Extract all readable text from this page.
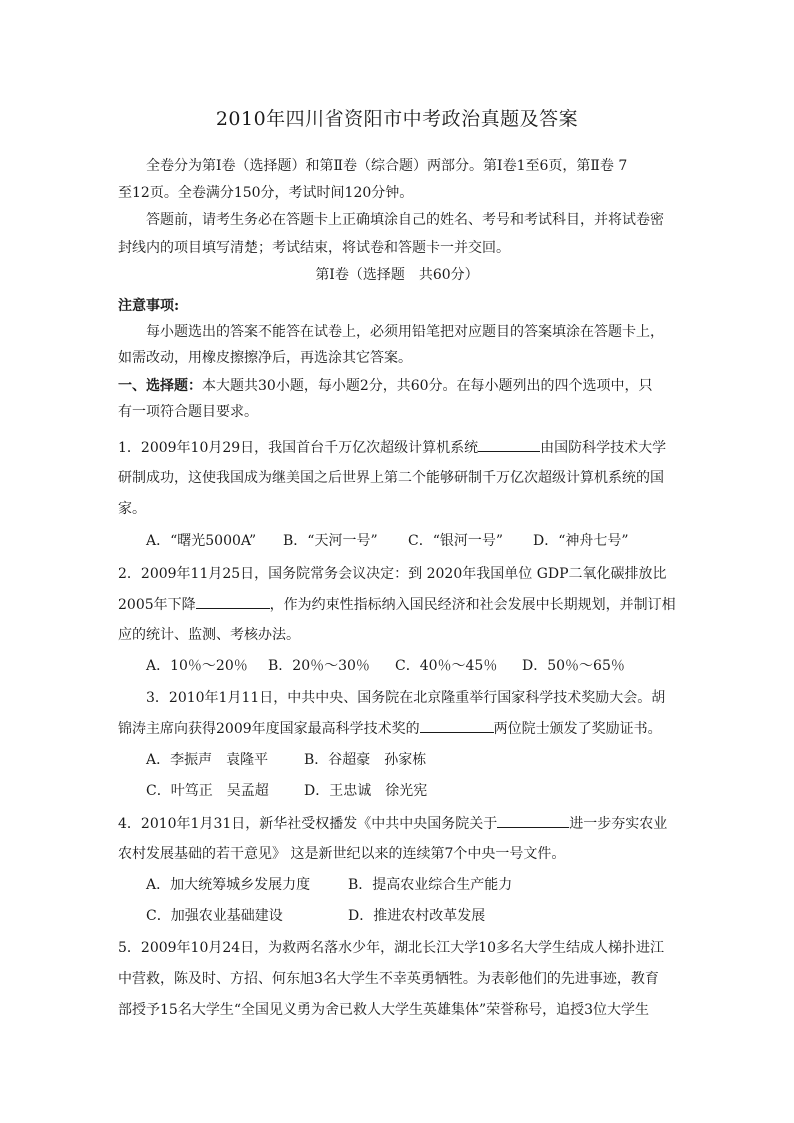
2010年四川省资阳市中考政治真题及答案
全卷分为第Ⅰ卷（选择题）和第Ⅱ卷（综合题）两部分。第Ⅰ卷1至6页，第Ⅱ卷 7
至12页。全卷满分150分，考试时间120分钟。
答题前，请考生务必在答题卡上正确填涂自己的姓名、考号和考试科目，并将试卷密
封线内的项目填写清楚；考试结束，将试卷和答题卡一并交回。
第Ⅰ卷（选择题　共60分）
注意事项:
每小题选出的答案不能答在试卷上，必须用铅笔把对应题目的答案填涂在答题卡上，
如需改动，用橡皮擦擦净后，再选涂其它答案。
一、选择题：本大题共30小题，每小题2分，共60分。在每小题列出的四个选项中，只
有一项符合题目要求。
1．2009年10月29日，我国首台千万亿次超级计算机系统	由国防科学技术大学
研制成功，这使我国成为继美国之后世界上第二个能够研制千万亿次超级计算机系统的国
家。
A．“曙光5000A” B．“天河一号” C．“银河一号” D．“神舟七号”
2．2009年11月25日，国务院常务会议决定：到 2020年我国单位 GDP二氧化碳排放比
2005年下降	，作为约束性指标纳入国民经济和社会发展中长期规划，并制订相
应的统计、监测、考核办法。
A．10％～20％ B．20％～30％ C．40％～45％ D．50％～65％
3．2010年1月11日，中共中央、国务院在北京隆重举行国家科学技术奖励大会。胡
锦涛主席向获得2009年度国家最高科学技术奖的	两位院士颁发了奖励证书。
A．李振声　袁隆平	B．谷超豪　孙家栋
C．叶笃正　吴孟超	D．王忠诚　徐光宪
4．2010年1月31日，新华社受权播发《中共中央国务院关于	进一步夯实农业
农村发展基础的若干意见》 这是新世纪以来的连续第7个中央一号文件。
A．加大统筹城乡发展力度	B．提高农业综合生产能力
C．加强农业基础建设	D．推进农村改革发展
5．2009年10月24日，为救两名落水少年，湖北长江大学10多名大学生结成人梯扑进江
中营救，陈及时、方招、何东旭3名大学生不幸英勇牺牲。为表彰他们的先进事迹，教育
部授予15名大学生“全国见义勇为舍已救人大学生英雄集体”荣誉称号，追授3位大学生
